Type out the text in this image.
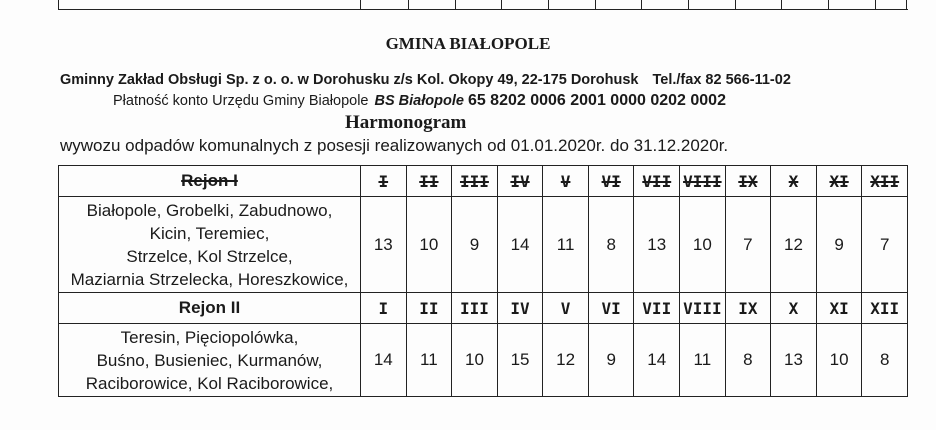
GMINA BIAŁOPOLE
Gminny Zakład Obsługi Sp. z o. o. w Dorohusku z/s Kol. Okopy 49, 22-175 Dorohusk Tel./fax 82 566-11-02
Płatność konto Urzędu Gminy Białopole BS Białopole 65 8202 0006 2001 0000 0202 0002
Harmonogram
wywozu odpadów komunalnych z posesji realizowanych od 01.01.2020r. do 31.12.2020r.
Rejon I	I	II	III	IV	V	VI	VII	VIII	IX	X	XI	XII

Białopole, Grobelki, Zabudnowo,
Kicin, Teremiec,
Strzelce, Kol Strzelce,
Maziarnia Strzelecka, Horeszkowice,	13	10	9	14	11	8	13	10	7	12	9	7
Rejon II	I	II	III	IV	V	VI	VII	VIII	IX	X	XI	XII

Teresin, Pięciopolówka,
Buśno, Busieniec, Kurmanów,
Raciborowice, Kol Raciborowice,	14	11	10	15	12	9	14	11	8	13	10	8
